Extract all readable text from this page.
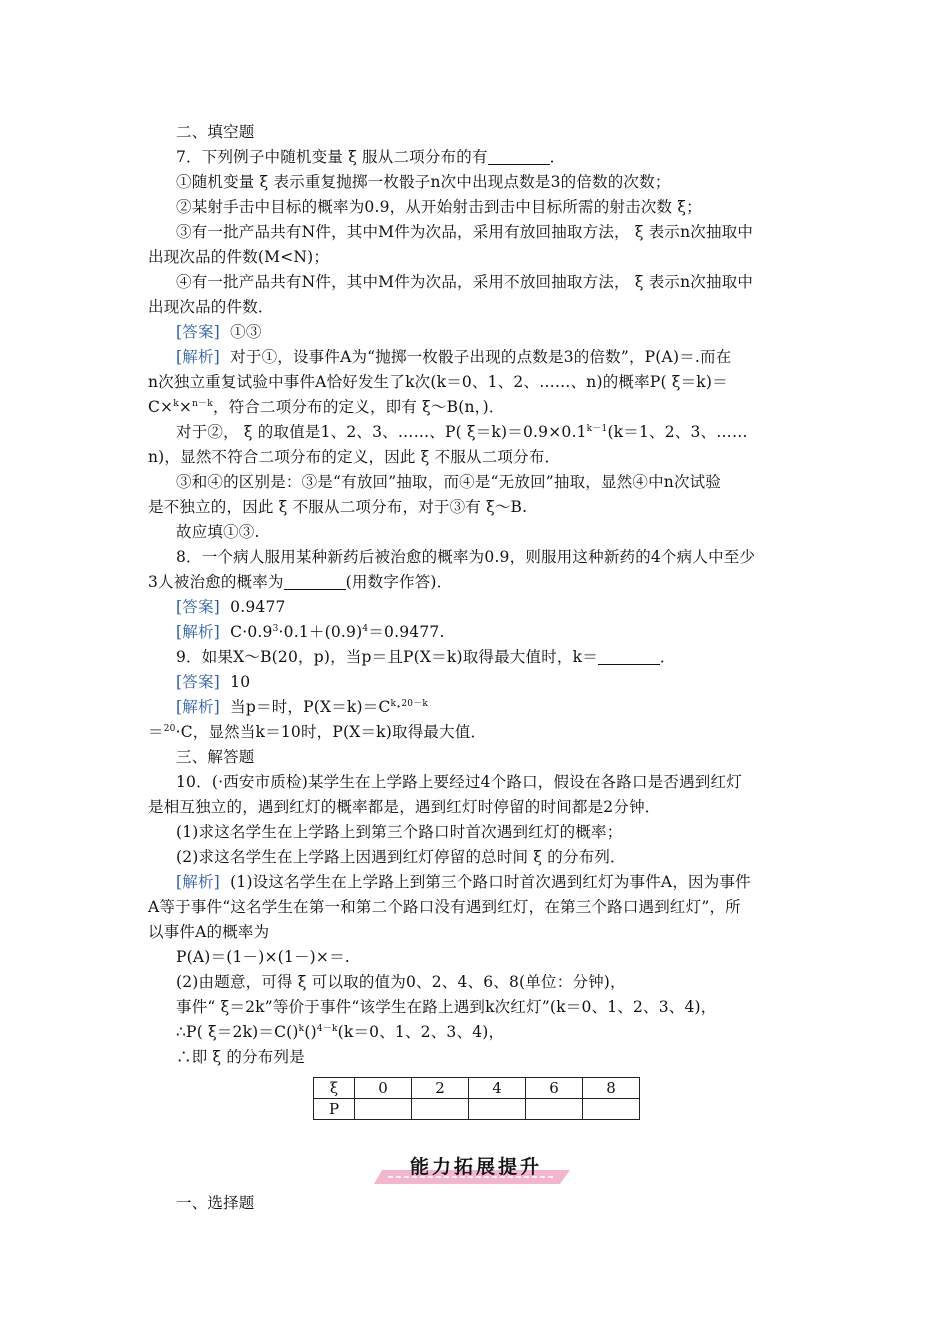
二、填空题
7．下列例子中随机变量 ξ 服从二项分布的有	．
①随机变量 ξ 表示重复抛掷一枚骰子n次中出现点数是3的倍数的次数；
②某射手击中目标的概率为0.9，从开始射击到击中目标所需的射击次数 ξ；
③有一批产品共有N件，其中M件为次品，采用有放回抽取方法， ξ 表示n次抽取中
出现次品的件数(M<N)；
④有一批产品共有N件，其中M件为次品，采用不放回抽取方法， ξ 表示n次抽取中
出现次品的件数．
[答案] ①③
[解析] 对于①，设事件A为“抛掷一枚骰子出现的点数是3的倍数”，P(A)＝.而在
n次独立重复试验中事件A恰好发生了k次(k＝0、1、2、……、n)的概率P( ξ＝k)＝
C×$^k$×$^{n-k}$，符合二项分布的定义，即有 ξ～B(n，)．
对于②， ξ 的取值是1、2、3、……、P( $\xi=k)=0.9\times 0.1^{k-1}(k=1$、2、3、……
n)，显然不符合二项分布的定义，因此 ξ 不服从二项分布．
③和④的区别是：③是“有放回”抽取，而④是“无放回”抽取，显然④中n次试验
是不独立的，因此 ξ 不服从二项分布，对于③有 ξ～B.
故应填①③.
8．一个病人服用某种新药后被治愈的概率为0.9，则服用这种新药的4个病人中至少
3人被治愈的概率为	(用数字作答)．
[答案] 0.9477
[解析] $C\cdot 0.9^3\cdot 0.1+(0.9)^4=0.9477$.
9．如果X～B(20，p)，当p＝且P(X＝k)取得最大值时，k＝	．
[答案] 10
[解析] 当p＝时，$P(X=k)=C^k\cdot^{20-k}$
＝$^{20}$·C，显然当k＝10时，P(X＝k)取得最大值．
三、解答题
10．(·西安市质检)某学生在上学路上要经过4个路口，假设在各路口是否遇到红灯
是相互独立的，遇到红灯的概率都是，遇到红灯时停留的时间都是2分钟．
(1)求这名学生在上学路上到第三个路口时首次遇到红灯的概率；
(2)求这名学生在上学路上因遇到红灯停留的总时间 ξ 的分布列．
[解析] (1)设这名学生在上学路上到第三个路口时首次遇到红灯为事件A，因为事件
A等于事件“这名学生在第一和第二个路口没有遇到红灯，在第三个路口遇到红灯”，所
以事件A的概率为
P(A)＝(1－)×(1－)×＝.
(2)由题意，可得 ξ 可以取的值为0、2、4、6、8(单位：分钟)，
事件“ ξ＝2k”等价于事件“该学生在路上遇到k次红灯”(k＝0、1、2、3、4)，
∴P( ξ＝2k)＝C()$^k$()$^{4-k}$(k＝0、1、2、3、4)，
∴即 ξ 的分布列是
ξ	0	2	4	6	8
P					
能力拓展提升
一、选择题
